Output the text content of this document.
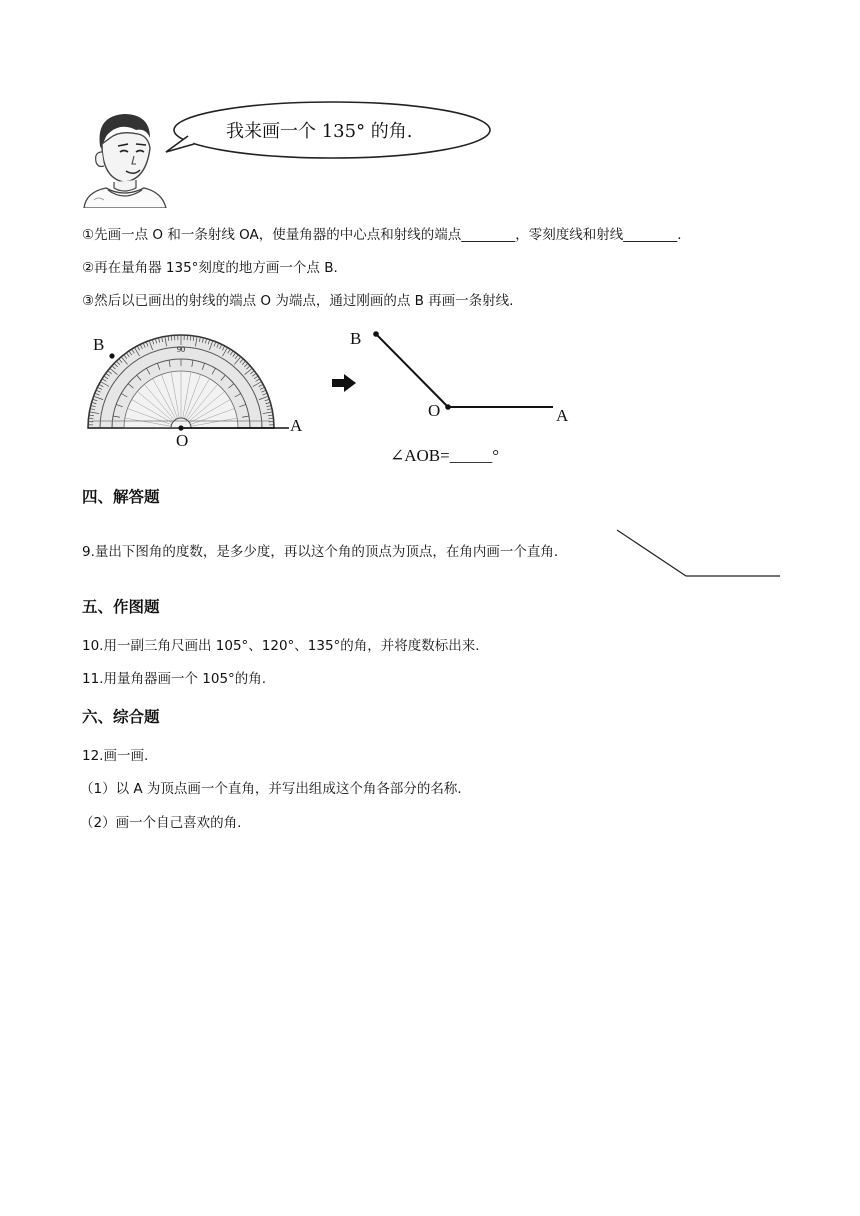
我来画一个 135° 的角.
①先画一点 O 和一条射线 OA，使量角器的中心点和射线的端点________，零刻度线和射线________.
②再在量角器 135°刻度的地方画一个点 B.
③然后以已画出的射线的端点 O 为端点，通过刚画的点 B 再画一条射线.
90
B
O
A
B
O	A
∠AOB=_____°
四、解答题
9.量出下图角的度数，是多少度，再以这个角的顶点为顶点，在角内画一个直角.
五、作图题
10.用一副三角尺画出 105°、120°、135°的角，并将度数标出来.
11.用量角器画一个 105°的角.
六、综合题
12.画一画.
（1）以 A 为顶点画一个直角，并写出组成这个角各部分的名称.
（2）画一个自己喜欢的角.
